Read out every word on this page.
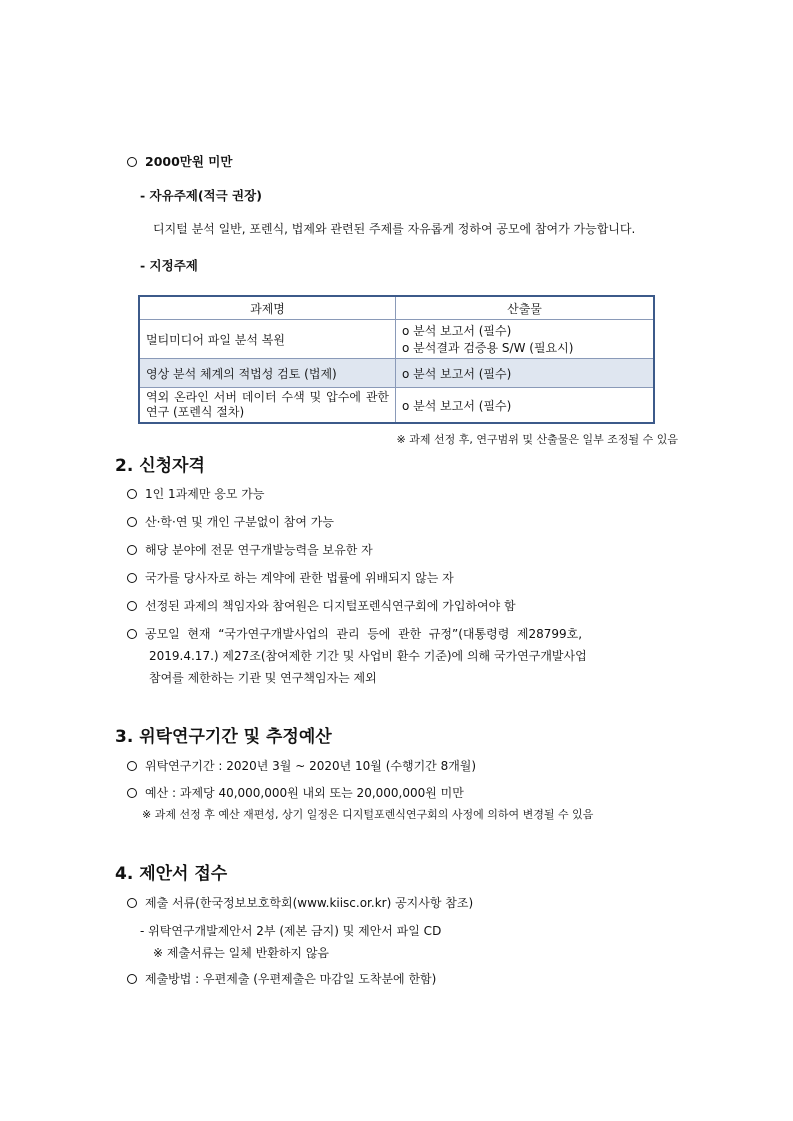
2000만원 미만
- 자유주제(적극 권장)
디지털 분석 일반, 포렌식, 법제와 관련된 주제를 자유롭게 정하여 공모에 참여가 가능합니다.
- 지정주제
과제명	산출물
멀티미디어 파일 분석 복원	o 분석 보고서 (필수)
o 분석결과 검증용 S/W (필요시)

영상 분석 체계의 적법성 검토 (법제)	o 분석 보고서 (필수)

역외 온라인 서버 데이터 수색 및 압수에 관한 연구 (포렌식 절차)	o 분석 보고서 (필수)
※ 과제 선정 후, 연구범위 및 산출물은 일부 조정될 수 있음
2. 신청자격
1인 1과제만 응모 가능
산·학·연 및 개인 구분없이 참여 가능
해당 분야에 전문 연구개발능력을 보유한 자
국가를 당사자로 하는 계약에 관한 법률에 위배되지 않는 자
선정된 과제의 책임자와 참여원은 디지털포렌식연구회에 가입하여야 함
공모일  현재  “국가연구개발사업의  관리  등에  관한  규정”(대통령령  제28799호,
2019.4.17.) 제27조(참여제한 기간 및 사업비 환수 기준)에 의해 국가연구개발사업
참여를 제한하는 기관 및 연구책임자는 제외
3. 위탁연구기간 및 추정예산
위탁연구기간 : 2020년 3월 ~ 2020년 10월 (수행기간 8개월)
예산 : 과제당 40,000,000원 내외 또는 20,000,000원 미만
※ 과제 선정 후 예산 재편성, 상기 일정은 디지털포렌식연구회의 사정에 의하여 변경될 수 있음
4. 제안서 접수
제출 서류(한국정보보호학회(www.kiisc.or.kr) 공지사항 참조)
- 위탁연구개발제안서 2부 (제본 금지) 및 제안서 파일 CD
※ 제출서류는 일체 반환하지 않음
제출방법 : 우편제출 (우편제출은 마감일 도착분에 한함)
